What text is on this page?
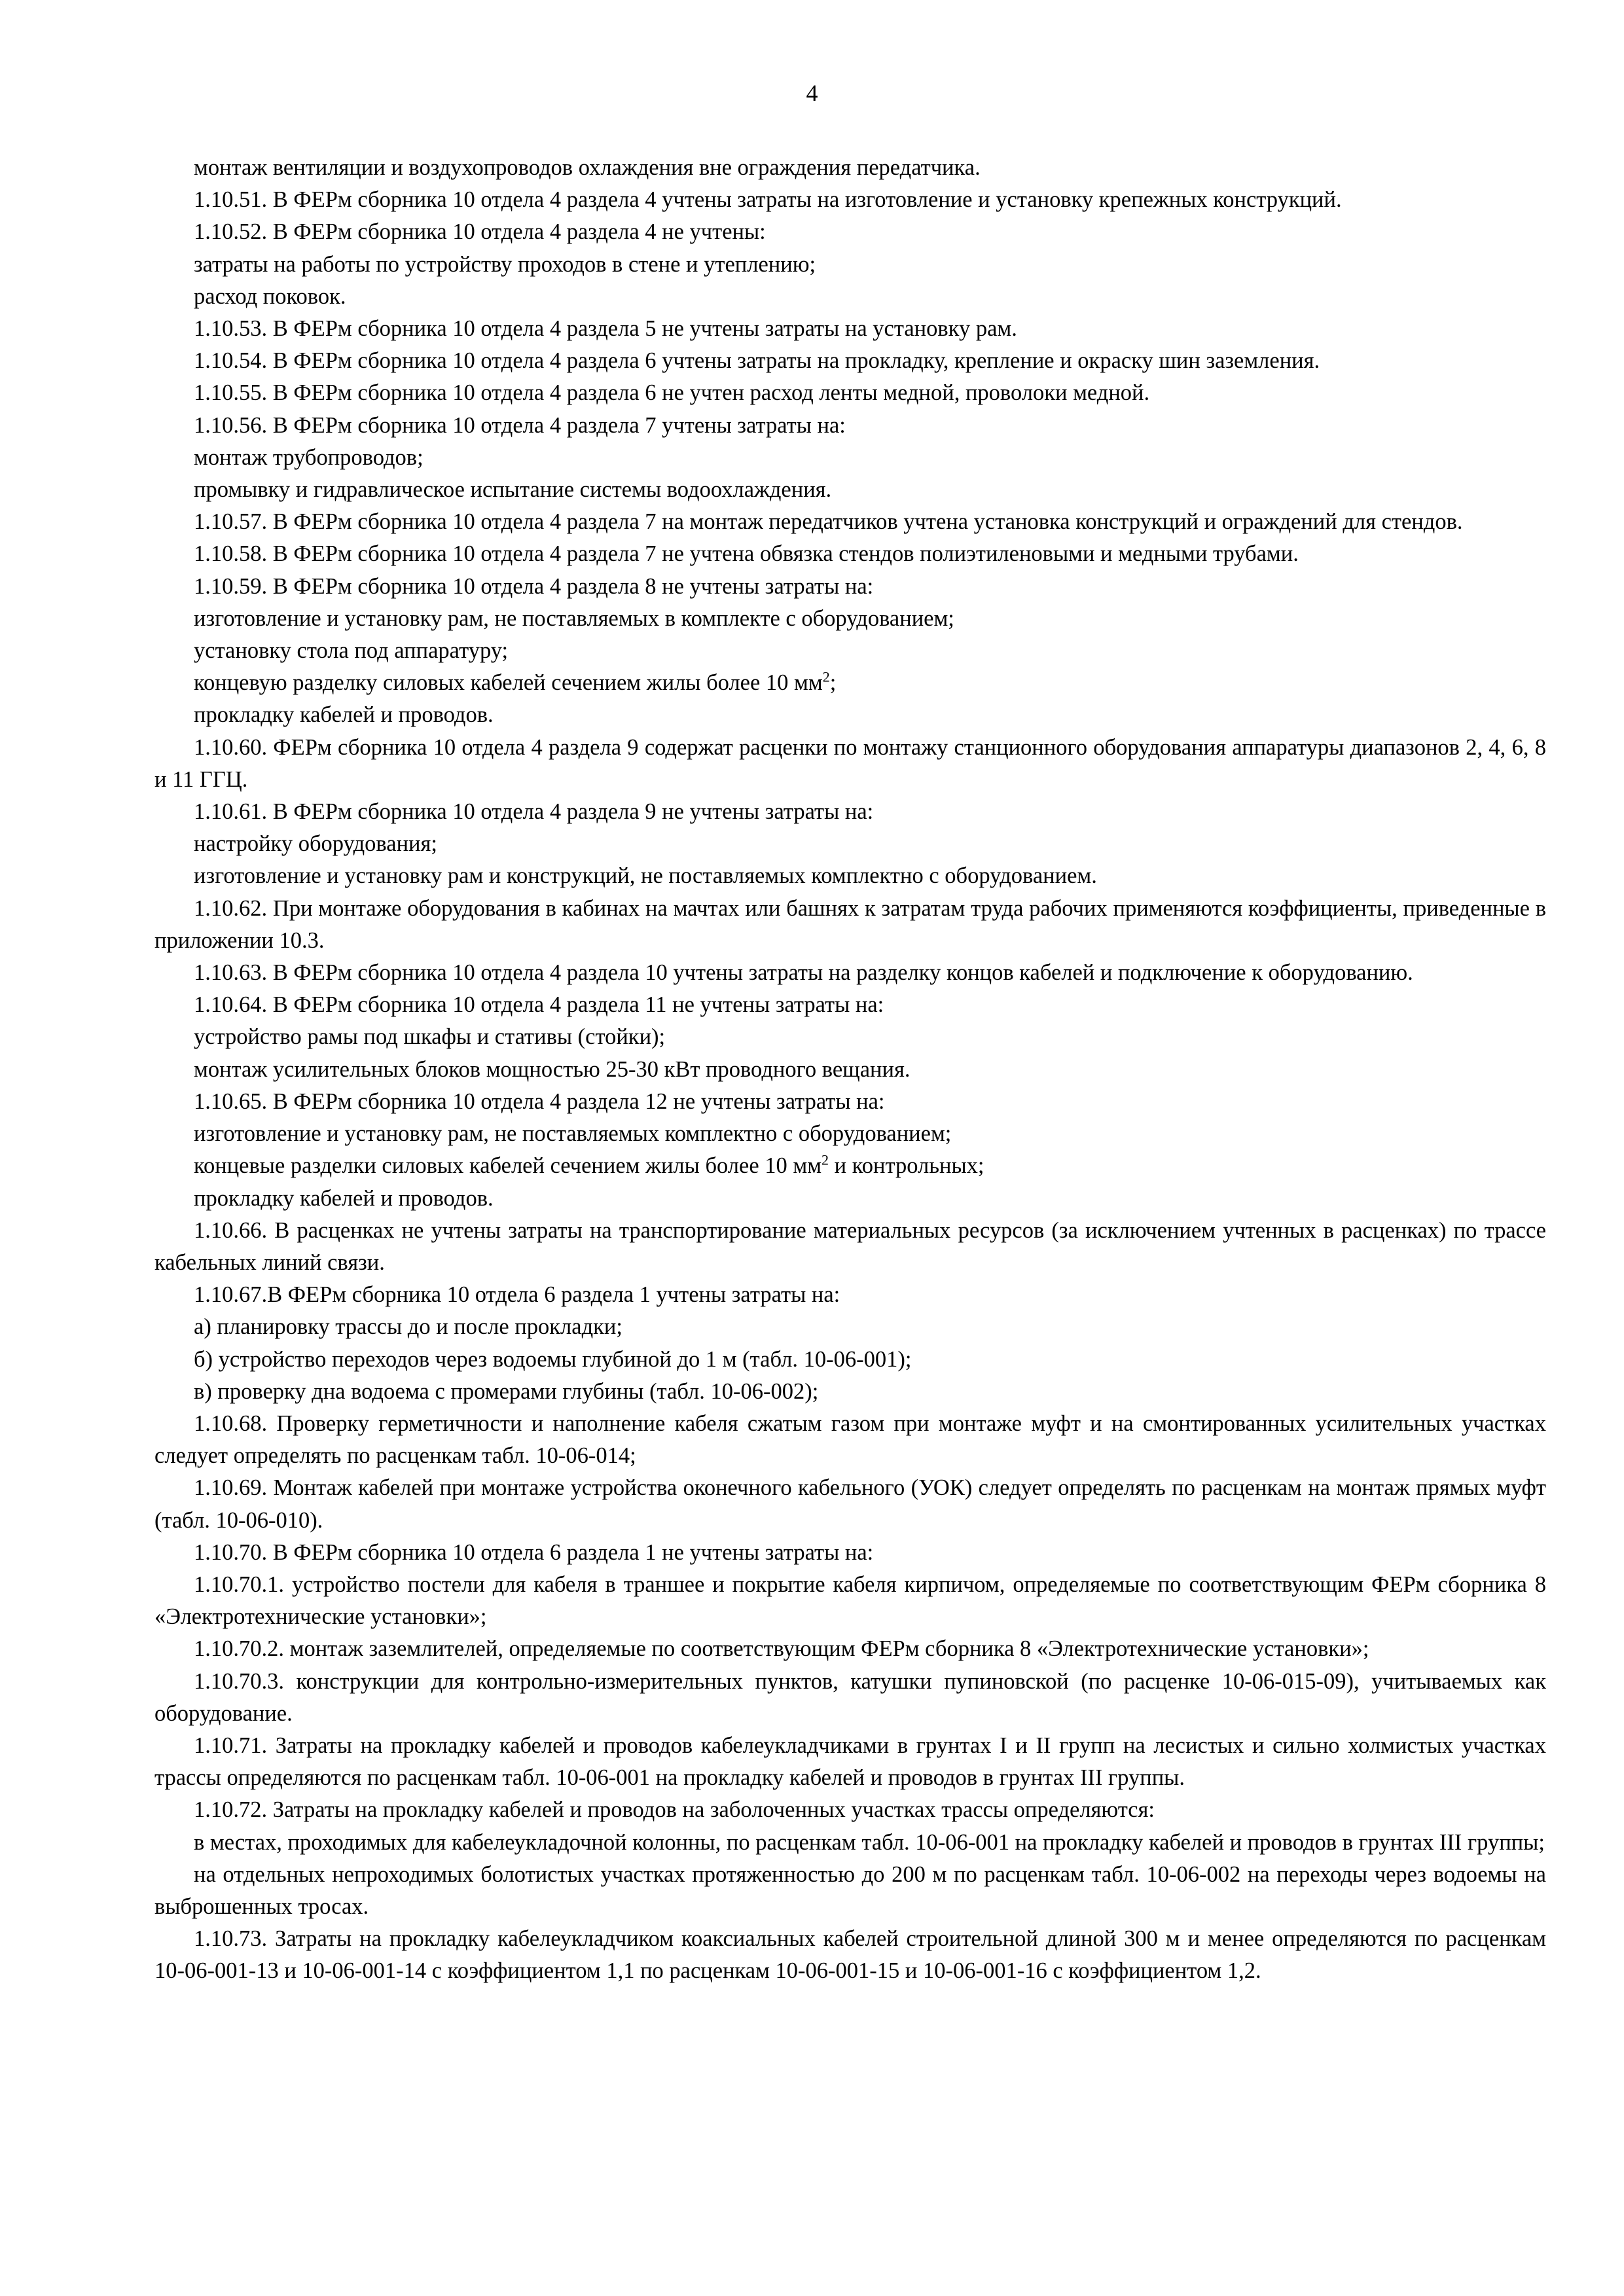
4

монтаж вентиляции и воздухопроводов охлаждения вне ограждения передатчика.

1.10.51. В ФЕРм сборника 10 отдела 4 раздела 4 учтены затраты на изготовление и установку крепежных конструкций.

1.10.52. В ФЕРм сборника 10 отдела 4 раздела 4 не учтены:

затраты на работы по устройству проходов в стене и утеплению;

расход поковок.

1.10.53. В ФЕРм сборника 10 отдела 4 раздела 5 не учтены затраты на установку рам.

1.10.54. В ФЕРм сборника 10 отдела 4 раздела 6 учтены затраты на прокладку, крепление и окраску шин заземления.

1.10.55. В ФЕРм сборника 10 отдела 4 раздела 6 не учтен расход ленты медной, проволоки медной.

1.10.56. В ФЕРм сборника 10 отдела 4 раздела 7 учтены затраты на:

монтаж трубопроводов;

промывку и гидравлическое испытание системы водоохлаждения.

1.10.57. В ФЕРм сборника 10 отдела 4 раздела 7 на монтаж передатчиков учтена установка конструкций и ограждений для стендов.

1.10.58. В ФЕРм сборника 10 отдела 4 раздела 7 не учтена обвязка стендов полиэтиленовыми и медными трубами.

1.10.59. В ФЕРм сборника 10 отдела 4 раздела 8 не учтены затраты на:

изготовление и установку рам, не поставляемых в комплекте с оборудованием;

установку стола под аппаратуру;

концевую разделку силовых кабелей сечением жилы более 10 $мм^2$;

прокладку кабелей и проводов.

1.10.60. ФЕРм сборника 10 отдела 4 раздела 9 содержат расценки по монтажу станционного оборудования аппаратуры диапазонов 2, 4, 6, 8 и 11 ГГЦ.

1.10.61. В ФЕРм сборника 10 отдела 4 раздела 9 не учтены затраты на:

настройку оборудования;

изготовление и установку рам и конструкций, не поставляемых комплектно с оборудованием.

1.10.62. При монтаже оборудования в кабинах на мачтах или башнях к затратам труда рабочих применяются коэффициенты, приведенные в приложении 10.3.

1.10.63. В ФЕРм сборника 10 отдела 4 раздела 10 учтены затраты на разделку концов кабелей и подключение к оборудованию.

1.10.64. В ФЕРм сборника 10 отдела 4 раздела 11 не учтены затраты на:

устройство рамы под шкафы и стативы (стойки);

монтаж усилительных блоков мощностью 25-30 кВт проводного вещания.

1.10.65. В ФЕРм сборника 10 отдела 4 раздела 12 не учтены затраты на:

изготовление и установку рам, не поставляемых комплектно с оборудованием;

концевые разделки силовых кабелей сечением жилы более 10 $мм^2$ и контрольных;

прокладку кабелей и проводов.

1.10.66. В расценках не учтены затраты на транспортирование материальных ресурсов (за исключением учтенных в расценках) по трассе кабельных линий связи.

1.10.67.В ФЕРм сборника 10 отдела 6 раздела 1 учтены затраты на:

а) планировку трассы до и после прокладки;

б) устройство переходов через водоемы глубиной до 1 м (табл. 10-06-001);

в) проверку дна водоема с промерами глубины (табл. 10-06-002);

1.10.68. Проверку герметичности и наполнение кабеля сжатым газом при монтаже муфт и на смонтированных усилительных участках следует определять по расценкам табл. 10-06-014;

1.10.69. Монтаж кабелей при монтаже устройства оконечного кабельного (УОК) следует определять по расценкам на монтаж прямых муфт (табл. 10-06-010).

1.10.70. В ФЕРм сборника 10 отдела 6 раздела 1 не учтены затраты на:

1.10.70.1. устройство постели для кабеля в траншее и покрытие кабеля кирпичом, определяемые по соответствующим ФЕРм сборника 8 «Электротехнические установки»;

1.10.70.2. монтаж заземлителей, определяемые по соответствующим ФЕРм сборника 8 «Электротехнические установки»;

1.10.70.3. конструкции для контрольно-измерительных пунктов, катушки пупиновской (по расценке 10-06-015-09), учитываемых как оборудование.

1.10.71. Затраты на прокладку кабелей и проводов кабелеукладчиками в грунтах I и II групп на лесистых и сильно холмистых участках трассы определяются по расценкам табл. 10-06-001 на прокладку кабелей и проводов в грунтах III группы.

1.10.72. Затраты на прокладку кабелей и проводов на заболоченных участках трассы определяются:

в местах, проходимых для кабелеукладочной колонны, по расценкам табл. 10-06-001 на прокладку кабелей и проводов в грунтах III группы;

на отдельных непроходимых болотистых участках протяженностью до 200 м по расценкам табл. 10-06-002 на переходы через водоемы на выброшенных тросах.

1.10.73. Затраты на прокладку кабелеукладчиком коаксиальных кабелей строительной длиной 300 м и менее определяются по расценкам 10-06-001-13 и 10-06-001-14 с коэффициентом 1,1 по расценкам 10-06-001-15 и 10-06-001-16 с коэффициентом 1,2.
